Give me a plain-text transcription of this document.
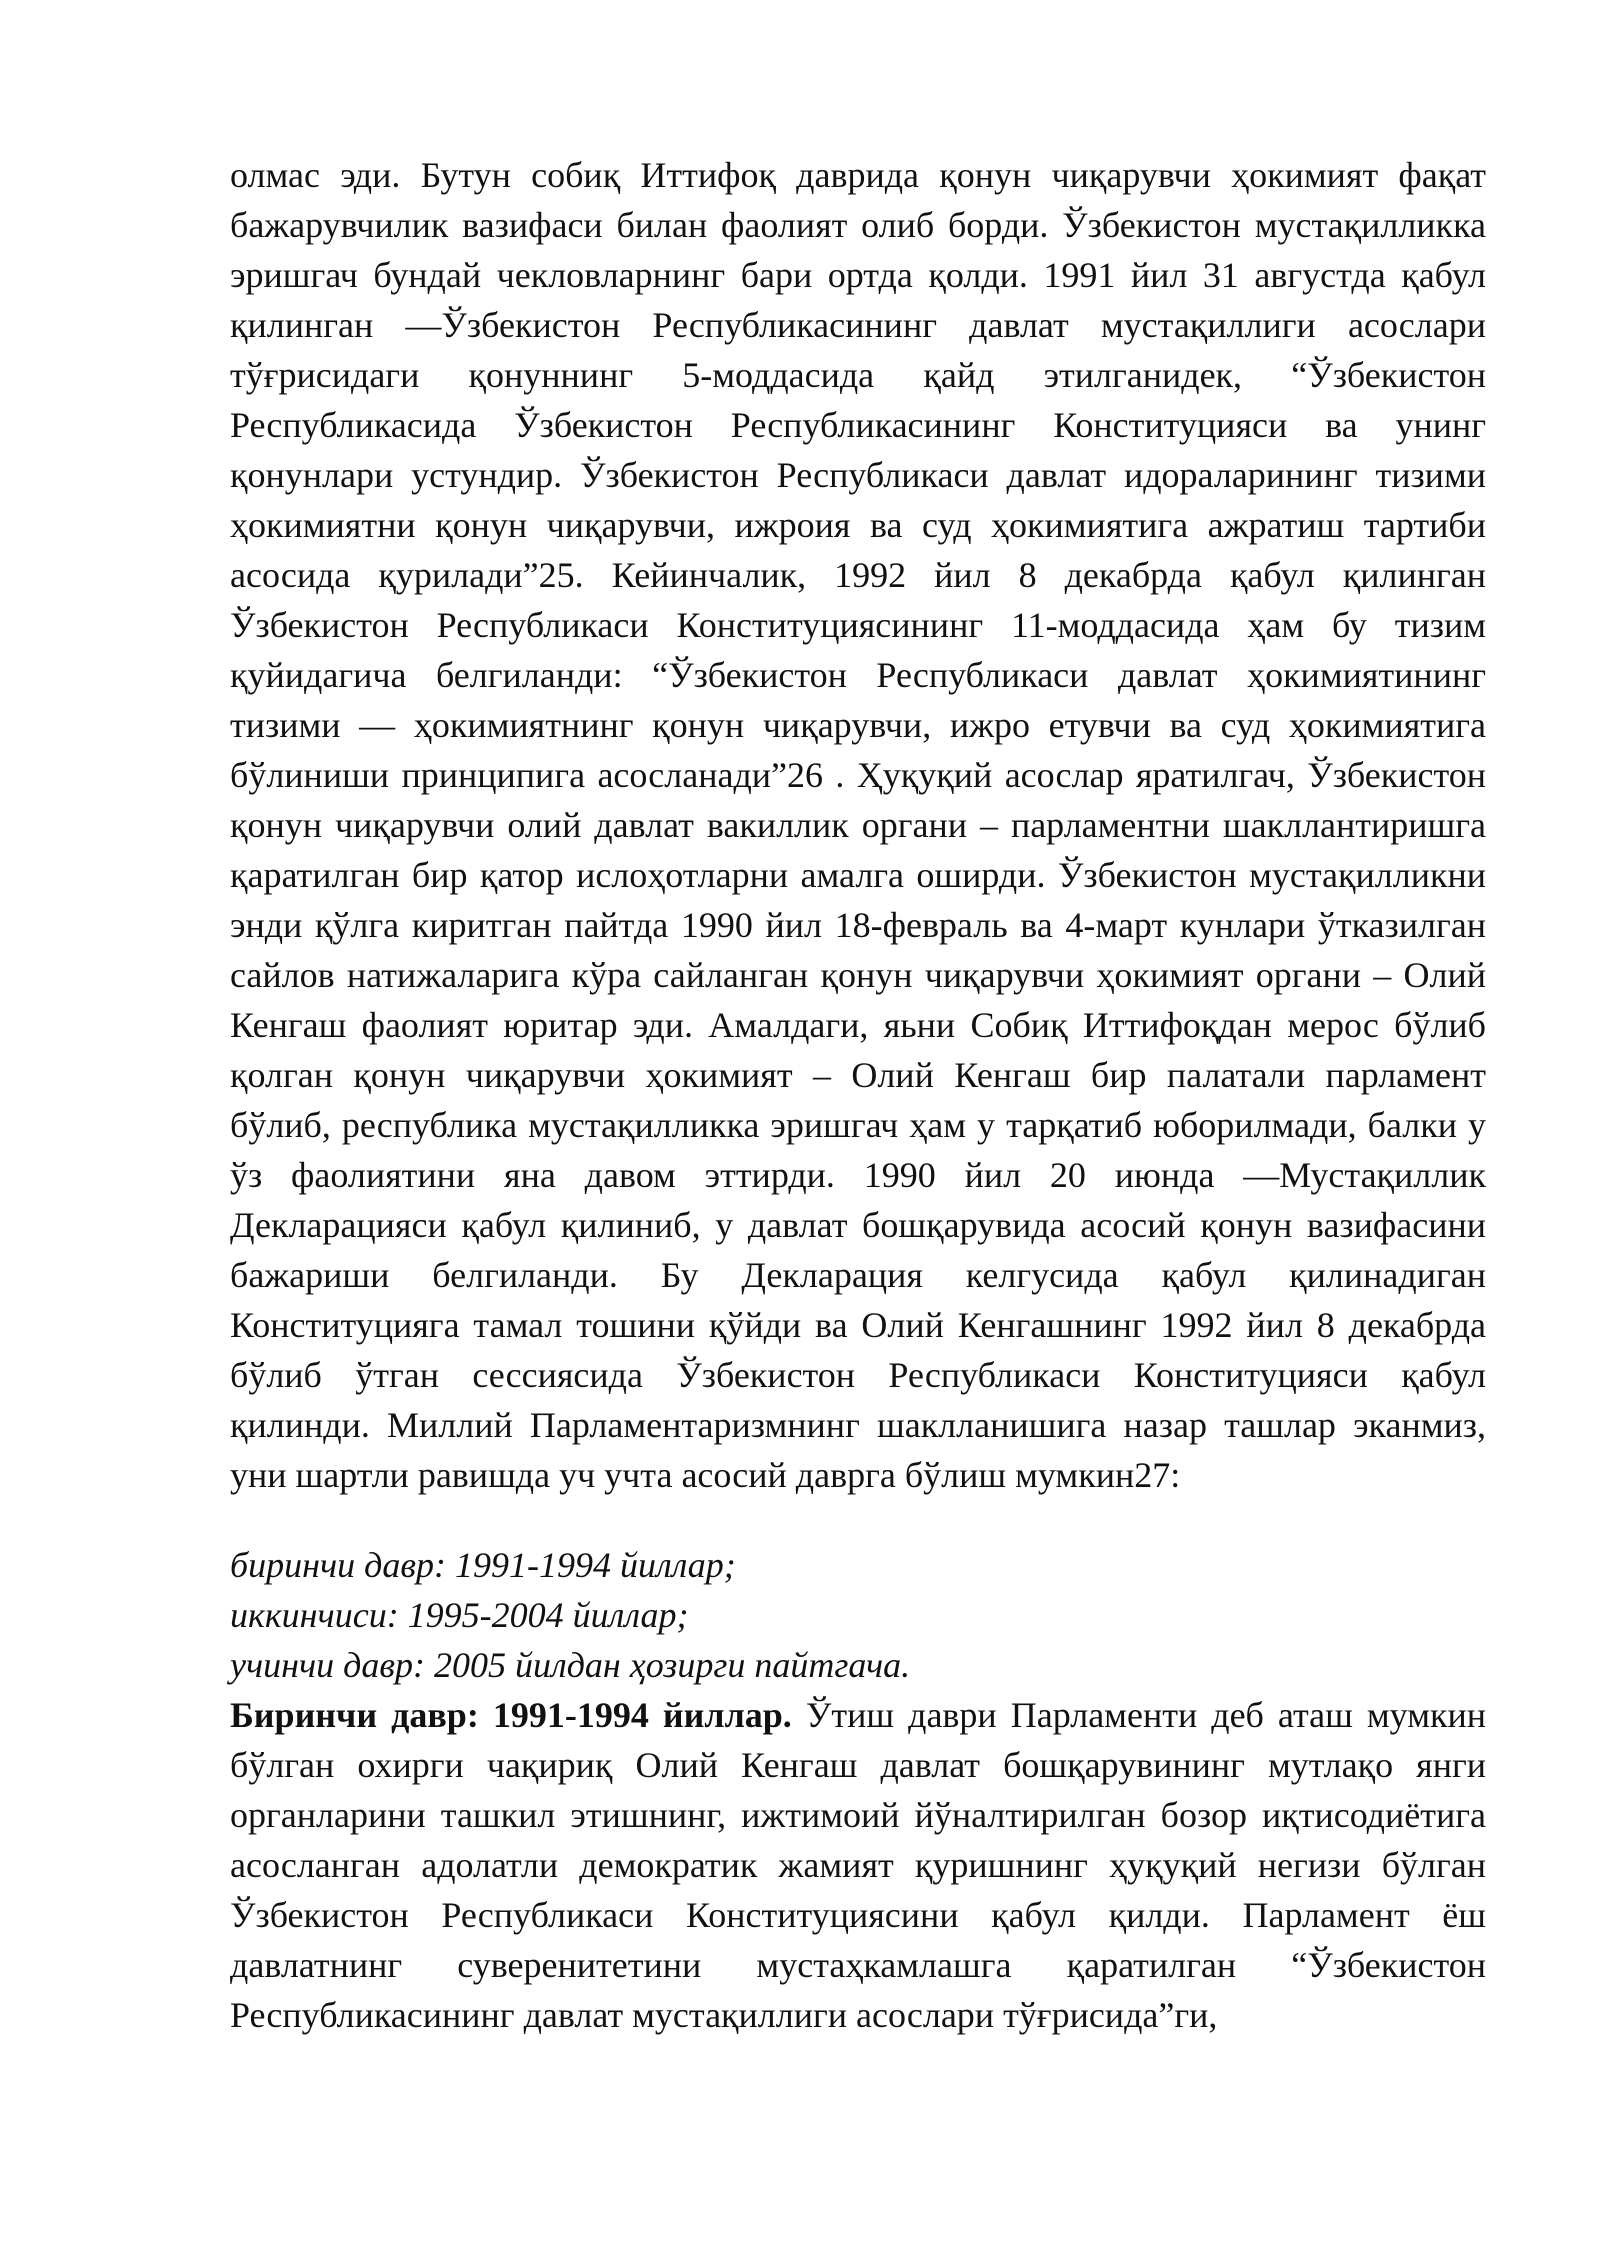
олмас эди. Бутун собиқ Иттифоқ даврида қонун чиқарувчи ҳокимият фақат бажарувчилик вазифаси билан фаолият олиб борди. Ўзбекистон мустақилликка эришгач бундай чекловларнинг бари ортда қолди. 1991 йил 31 августда қабул қилинган —Ўзбекистон Республикасининг давлат мустақиллиги асослари тўғрисидаги қонуннинг 5-моддасида қайд этилганидек, “Ўзбекистон Республикасида Ўзбекистон Республикасининг Конституцияси ва унинг қонунлари устундир. Ўзбекистон Республикаси давлат идораларининг тизими ҳокимиятни қонун чиқарувчи, ижроия ва суд ҳокимиятига ажратиш тартиби асосида қурилади”25. Кейинчалик, 1992 йил 8 декабрда қабул қилинган Ўзбекистон Республикаси Конституциясининг 11-моддасида ҳам бу тизим қуйидагича белгиланди: “Ўзбекистон Республикаси давлат ҳокимиятининг тизими — ҳокимиятнинг қонун чиқарувчи, ижро етувчи ва суд ҳокимиятига бўлиниши принципига асосланади”26 . Ҳуқуқий асослар яратилгач, Ўзбекистон қонун чиқарувчи олий давлат вакиллик органи – парламентни шакллантиришга қаратилган бир қатор ислоҳотларни амалга оширди. Ўзбекистон мустақилликни энди қўлга киритган пайтда 1990 йил 18-февраль ва 4-март кунлари ўтказилган сайлов натижаларига кўра сайланган қонун чиқарувчи ҳокимият органи – Олий Кенгаш фаолият юритар эди. Амалдаги, яьни Собиқ Иттифоқдан мерос бўлиб қолган қонун чиқарувчи ҳокимият – Олий Кенгаш бир палатали парламент бўлиб, республика мустақилликка эришгач ҳам у тарқатиб юборилмади, балки у ўз фаолиятини яна давом эттирди. 1990 йил 20 июнда —Мустақиллик Декларацияси қабул қилиниб, у давлат бошқарувида асосий қонун вазифасини бажариши белгиланди. Бу Декларация келгусида қабул қилинадиган Конституцияга тамал тошини қўйди ва Олий Кенгашнинг 1992 йил 8 декабрда бўлиб ўтган сессиясида Ўзбекистон Республикаси Конституцияси қабул қилинди. Миллий Парламентаризмнинг шаклланишига назар ташлар эканмиз, уни шартли равишда уч учта асосий даврга бўлиш мумкин27:

биринчи давр: 1991-1994 йиллар;
иккинчиси: 1995-2004 йиллар;
учинчи давр: 2005 йилдан ҳозирги пайтгача.

Биринчи давр: 1991-1994 йиллар. Ўтиш даври Парламенти деб аташ мумкин бўлган охирги чақириқ Олий Кенгаш давлат бошқарувининг мутлақо янги органларини ташкил этишнинг, ижтимоий йўналтирилган бозор иқтисодиётига асосланган адолатли демократик жамият қуришнинг ҳуқуқий негизи бўлган Ўзбекистон Республикаси Конституциясини қабул қилди. Парламент ёш давлатнинг суверенитетини мустаҳкамлашга қаратилган “Ўзбекистон Республикасининг давлат мустақиллиги асослари тўғрисида”ги,
